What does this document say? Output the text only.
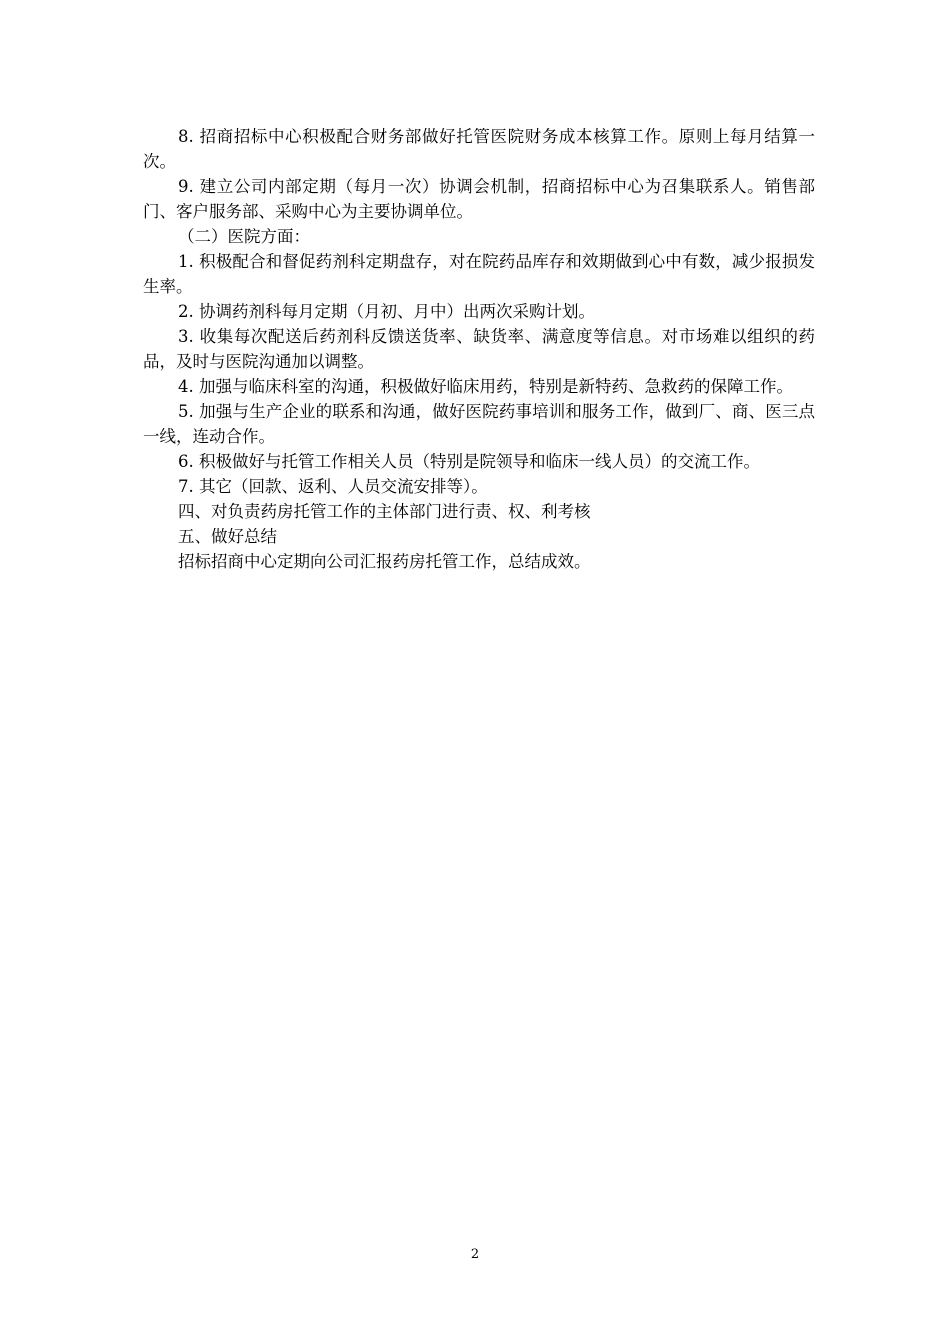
8. 招商招标中心积极配合财务部做好托管医院财务成本核算工作。原则上每月结算一次。

9. 建立公司内部定期（每月一次）协调会机制，招商招标中心为召集联系人。销售部门、客户服务部、采购中心为主要协调单位。

（二）医院方面：

1. 积极配合和督促药剂科定期盘存，对在院药品库存和效期做到心中有数，减少报损发生率。

2. 协调药剂科每月定期（月初、月中）出两次采购计划。

3. 收集每次配送后药剂科反馈送货率、缺货率、满意度等信息。对市场难以组织的药品，及时与医院沟通加以调整。

4. 加强与临床科室的沟通，积极做好临床用药，特别是新特药、急救药的保障工作。

5. 加强与生产企业的联系和沟通，做好医院药事培训和服务工作，做到厂、商、医三点一线，连动合作。

6. 积极做好与托管工作相关人员（特别是院领导和临床一线人员）的交流工作。

7. 其它（回款、返利、人员交流安排等）。

四、对负责药房托管工作的主体部门进行责、权、利考核

五、做好总结

招标招商中心定期向公司汇报药房托管工作，总结成效。

2
